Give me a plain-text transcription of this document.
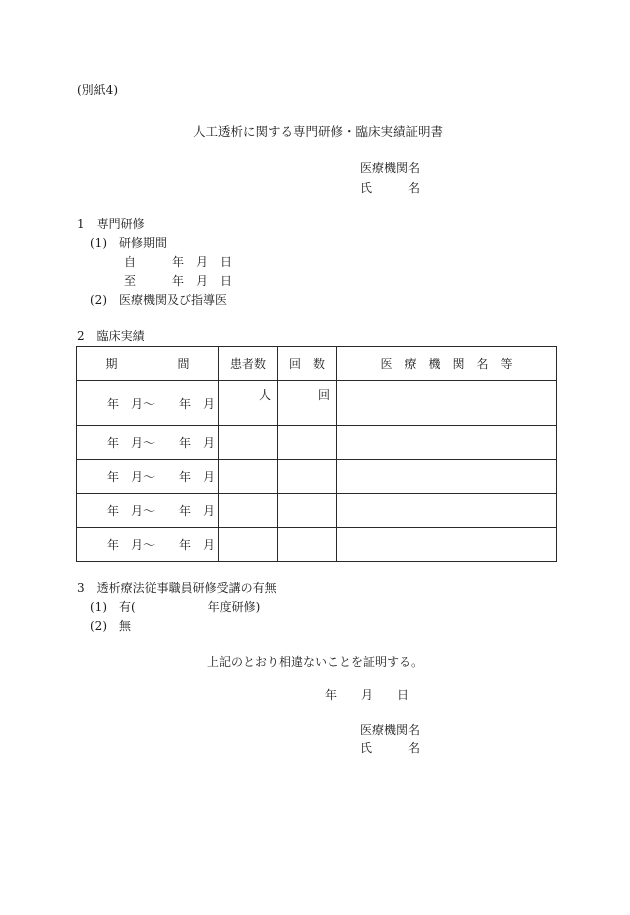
(別紙4)
人工透析に関する専門研修・臨床実績証明書
医療機関名
氏　　　名
1　専門研修
(1)　研修期間
自　　　年　月　日
至　　　年　月　日
(2)　医療機関及び指導医
2　臨床実績
期　　　　　間	患者数	回　数	医　療　機　関　名　等
年　月～　　年　月	人	回	
年　月～　　年　月			
年　月～　　年　月			
年　月～　　年　月			
年　月～　　年　月			
3　透析療法従事職員研修受講の有無
(1)　有(　　　　　　年度研修)
(2)　無
上記のとおり相違ないことを証明する。
年　　月　　日
医療機関名
氏　　　名
